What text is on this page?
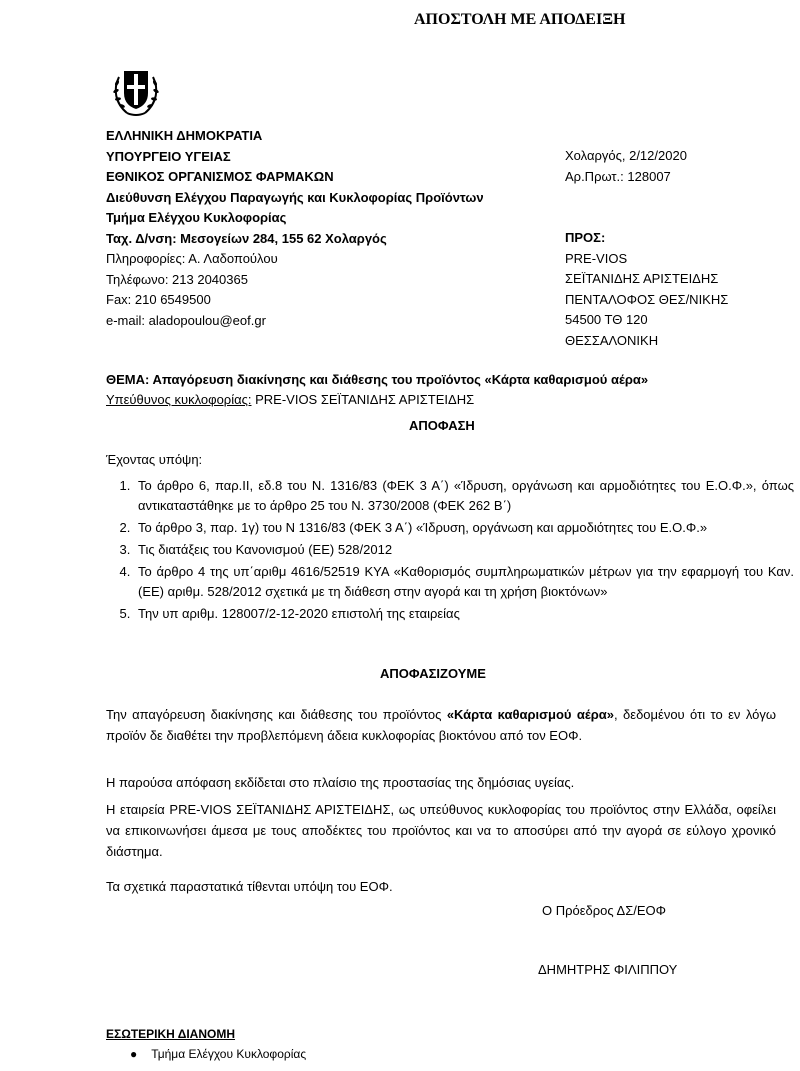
ΑΠΟΣΤΟΛΗ ΜΕ ΑΠΟΔΕΙΞΗ
ΕΛΛΗΝΙΚΗ ΔΗΜΟΚΡΑΤΙΑ
ΥΠΟΥΡΓΕΙΟ ΥΓΕΙΑΣ
ΕΘΝΙΚΟΣ ΟΡΓΑΝΙΣΜΟΣ ΦΑΡΜΑΚΩΝ
Διεύθυνση Ελέγχου Παραγωγής και Κυκλοφορίας Προϊόντων
Τμήμα Ελέγχου Κυκλοφορίας
Ταχ. Δ/νση: Μεσογείων 284, 155 62 Χολαργός
Πληροφορίες: Α. Λαδοπούλου
Τηλέφωνο: 213 2040365
Fax: 210 6549500
e-mail: aladopoulou@eof.gr
Χολαργός, 2/12/2020
Αρ.Πρωτ.: 128007
ΠΡΟΣ:
PRE-VIOS
ΣΕΪΤΑΝΙΔΗΣ ΑΡΙΣΤΕΙΔΗΣ
ΠΕΝΤΑΛΟΦΟΣ ΘΕΣ/ΝΙΚΗΣ
54500 ΤΘ 120
ΘΕΣΣΑΛΟΝΙΚΗ
ΘΕΜΑ: Απαγόρευση διακίνησης και διάθεσης του προϊόντος «Κάρτα καθαρισμού αέρα»
Υπεύθυνος κυκλοφορίας: PRE-VIOS ΣΕΪΤΑΝΙΔΗΣ ΑΡΙΣΤΕΙΔΗΣ
ΑΠΟΦΑΣΗ
Έχοντας υπόψη:
1. Το άρθρο 6, παρ.ΙΙ, εδ.8 του Ν. 1316/83 (ΦΕΚ 3 Α΄) «Ίδρυση, οργάνωση και αρμοδιότητες του Ε.Ο.Φ.», όπως αντικαταστάθηκε με το άρθρο 25 του Ν. 3730/2008 (ΦΕΚ 262 Β΄)
2. Το άρθρο 3, παρ. 1γ) του Ν 1316/83 (ΦΕΚ 3 Α΄) «Ίδρυση, οργάνωση και αρμοδιότητες του Ε.Ο.Φ.»
3. Τις διατάξεις του Κανονισμού (ΕΕ) 528/2012
4. Το άρθρο 4 της υπ΄αριθμ 4616/52519 ΚΥΑ «Καθορισμός συμπληρωματικών μέτρων για την εφαρμογή του Καν. (ΕΕ) αριθμ. 528/2012 σχετικά με τη διάθεση στην αγορά και τη χρήση βιοκτόνων»
5. Την υπ αριθμ. 128007/2-12-2020 επιστολή της εταιρείας
ΑΠΟΦΑΣΙΖΟΥΜΕ

Την απαγόρευση διακίνησης και διάθεσης του προϊόντος «Κάρτα καθαρισμού αέρα», δεδομένου ότι το εν λόγω προϊόν δε διαθέτει την προβλεπόμενη άδεια κυκλοφορίας βιοκτόνου από τον ΕΟΦ.

Η παρούσα απόφαση εκδίδεται στο πλαίσιο της προστασίας της δημόσιας υγείας.

Η εταιρεία PRE-VIOS ΣΕΪΤΑΝΙΔΗΣ ΑΡΙΣΤΕΙΔΗΣ, ως υπεύθυνος κυκλοφορίας του προϊόντος στην Ελλάδα, οφείλει να επικοινωνήσει άμεσα με τους αποδέκτες του προϊόντος και να το αποσύρει από την αγορά σε εύλογο χρονικό διάστημα.

Τα σχετικά παραστατικά τίθενται υπόψη του ΕΟΦ.

Ο Πρόεδρος ΔΣ/ΕΟΦ
ΔΗΜΗΤΡΗΣ ΦΙΛΙΠΠΟΥ
ΕΣΩΤΕΡΙΚΗ ΔΙΑΝΟΜΗ
● Τμήμα Ελέγχου Κυκλοφορίας
